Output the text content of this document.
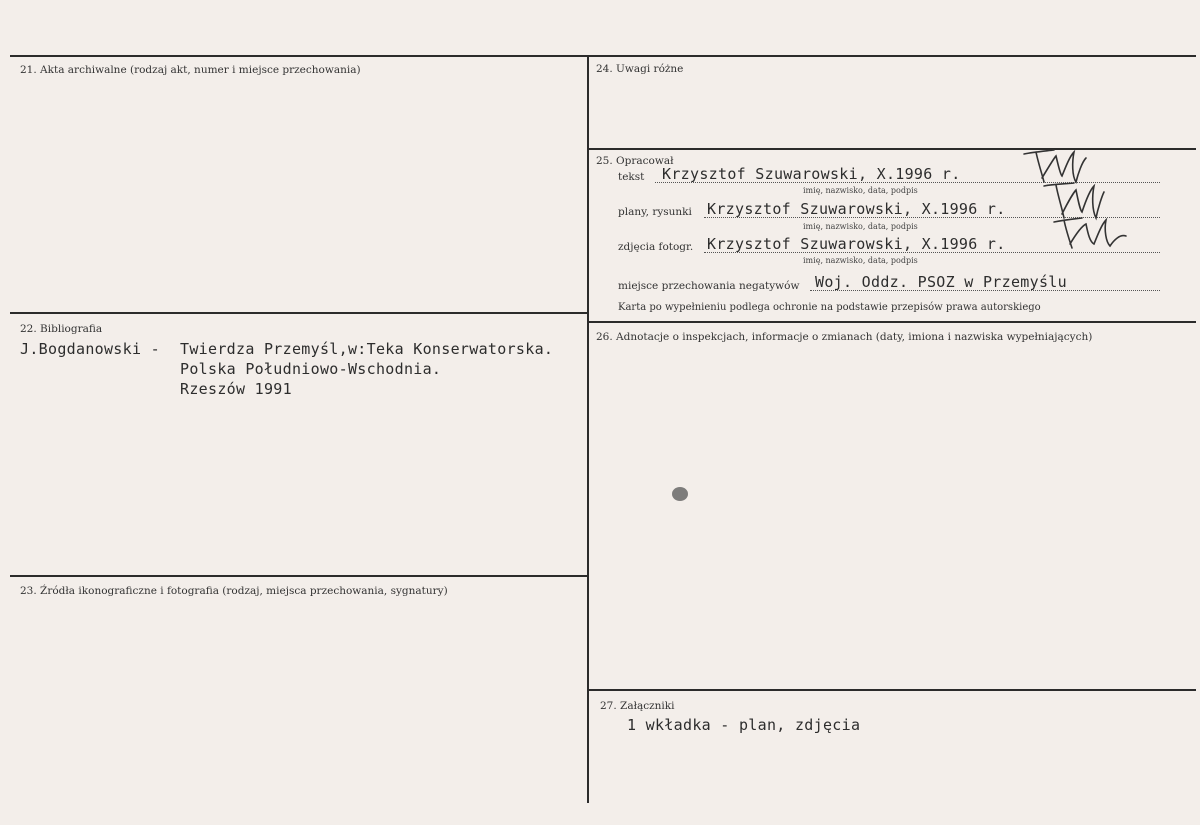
21. Akta archiwalne (rodzaj akt, numer i miejsce przechowania)
22. Bibliografia
J.Bogdanowski - Twierdza Przemyśl,w:Teka Konserwatorska.
Polska Południowo-Wschodnia.
Rzeszów 1991
23. Źródła ikonograficzne i fotografia (rodzaj, miejsca przechowania, sygnatury)
24. Uwagi różne
25. Opracował
tekst Krzysztof Szuwarowski, X.1996 r.
imię, nazwisko, data, podpis
plany, rysunki Krzysztof Szuwarowski, X.1996 r.
imię, nazwisko, data, podpis
zdjęcia fotogr. Krzysztof Szuwarowski, X.1996 r.
imię, nazwisko, data, podpis
miejsce przechowania negatywów Woj. Oddz. PSOZ w Przemyślu
Karta po wypełnieniu podlega ochronie na podstawie przepisów prawa autorskiego
26. Adnotacje o inspekcjach, informacje o zmianach (daty, imiona i nazwiska wypełniających)
27. Załączniki
1 wkładka - plan, zdjęcia
